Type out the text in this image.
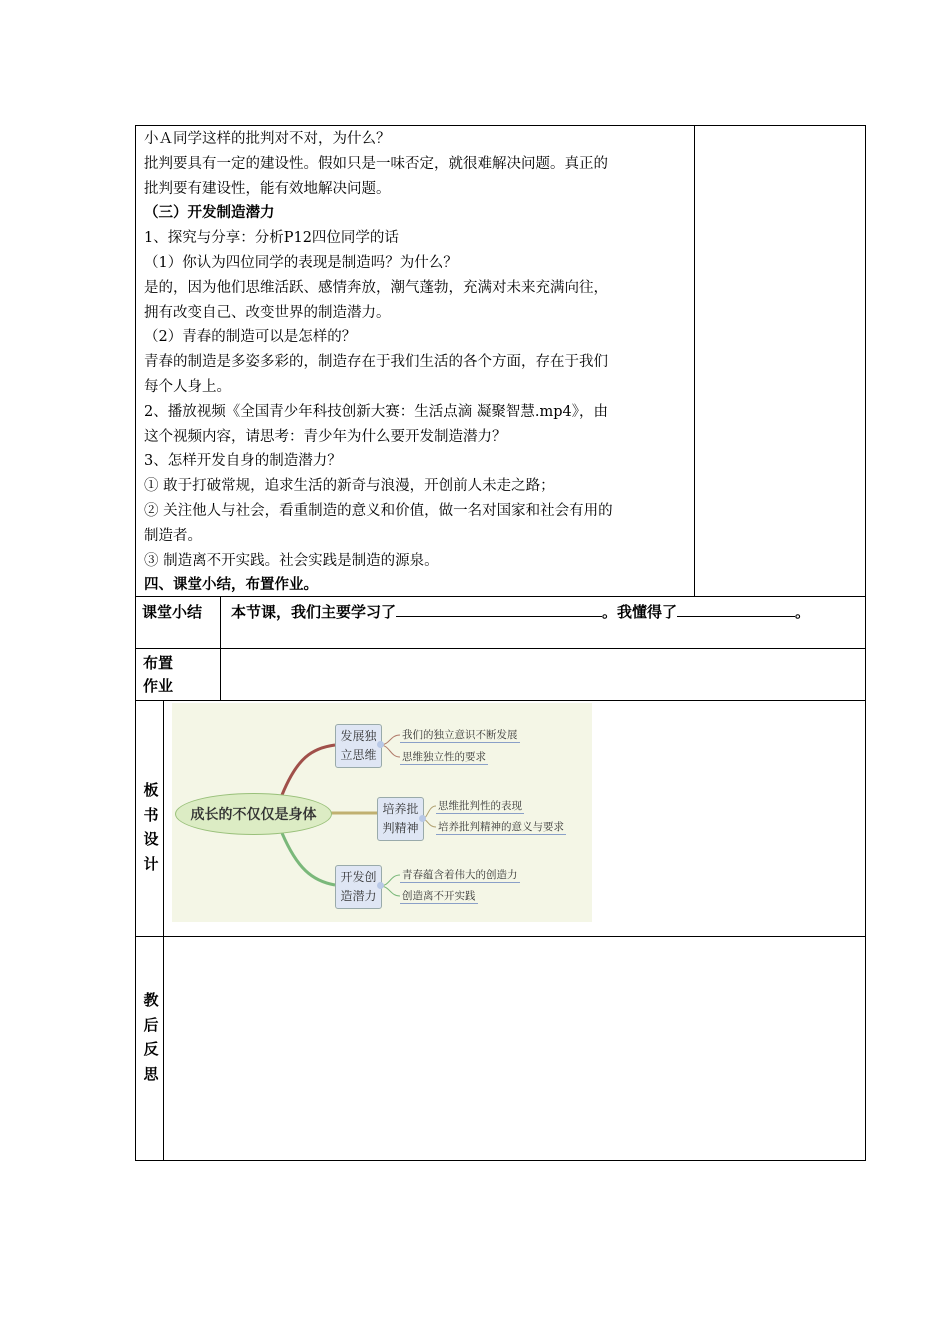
小Ａ同学这样的批判对不对，为什么？
批判要具有一定的建设性。假如只是一味否定，就很难解决问题。真正的
批判要有建设性，能有效地解决问题。
（三）开发制造潜力
1、探究与分享：分析P12四位同学的话
（1）你认为四位同学的表现是制造吗？为什么？
是的，因为他们思维活跃、感情奔放，潮气蓬勃，充满对未来充满向往，
拥有改变自己、改变世界的制造潜力。
（2）青春的制造可以是怎样的？
青春的制造是多姿多彩的，制造存在于我们生活的各个方面，存在于我们
每个人身上。
2、播放视频《全国青少年科技创新大赛：生活点滴 凝聚智慧.mp4》，由
这个视频内容，请思考：青少年为什么要开发制造潜力？
3、怎样开发自身的制造潜力？
① 敢于打破常规，追求生活的新奇与浪漫，开创前人未走之路；
② 关注他人与社会，看重制造的意义和价值，做一名对国家和社会有用的
制造者。
③ 制造离不开实践。社会实践是制造的源泉。
四、课堂小结，布置作业。
课堂小结 本节课，我们主要学习了	。我懂得了	。
布置
作业
板
书
设
计
成长的不仅仅是身体
发展独
立思维
我们的独立意识不断发展
思维独立性的要求
培养批
判精神
思维批判性的表现
培养批判精神的意义与要求
开发创
造潜力
青春蕴含着伟大的创造力
创造离不开实践
教
后
反
思
